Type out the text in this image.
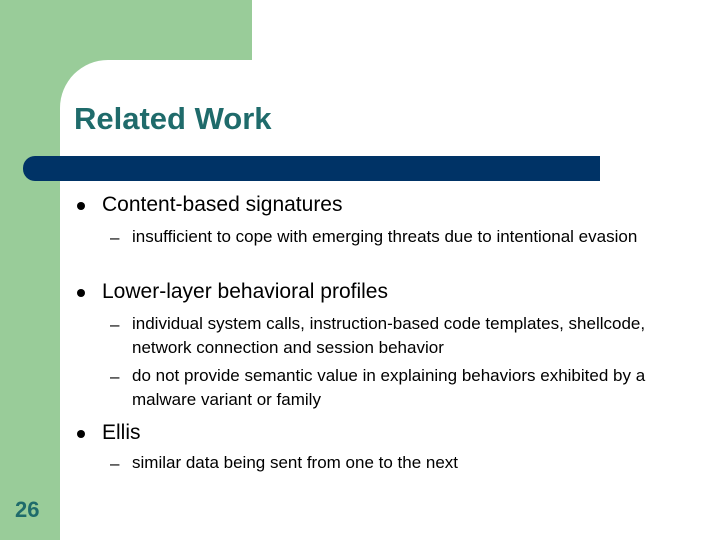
Related Work
Content-based signatures
– insufficient to cope with emerging threats due to intentional evasion
Lower-layer behavioral profiles
– individual system calls, instruction-based code templates, shellcode, network connection and session behavior
– do not provide semantic value in explaining behaviors exhibited by a malware variant or family
Ellis
– similar data being sent from one to the next
26
